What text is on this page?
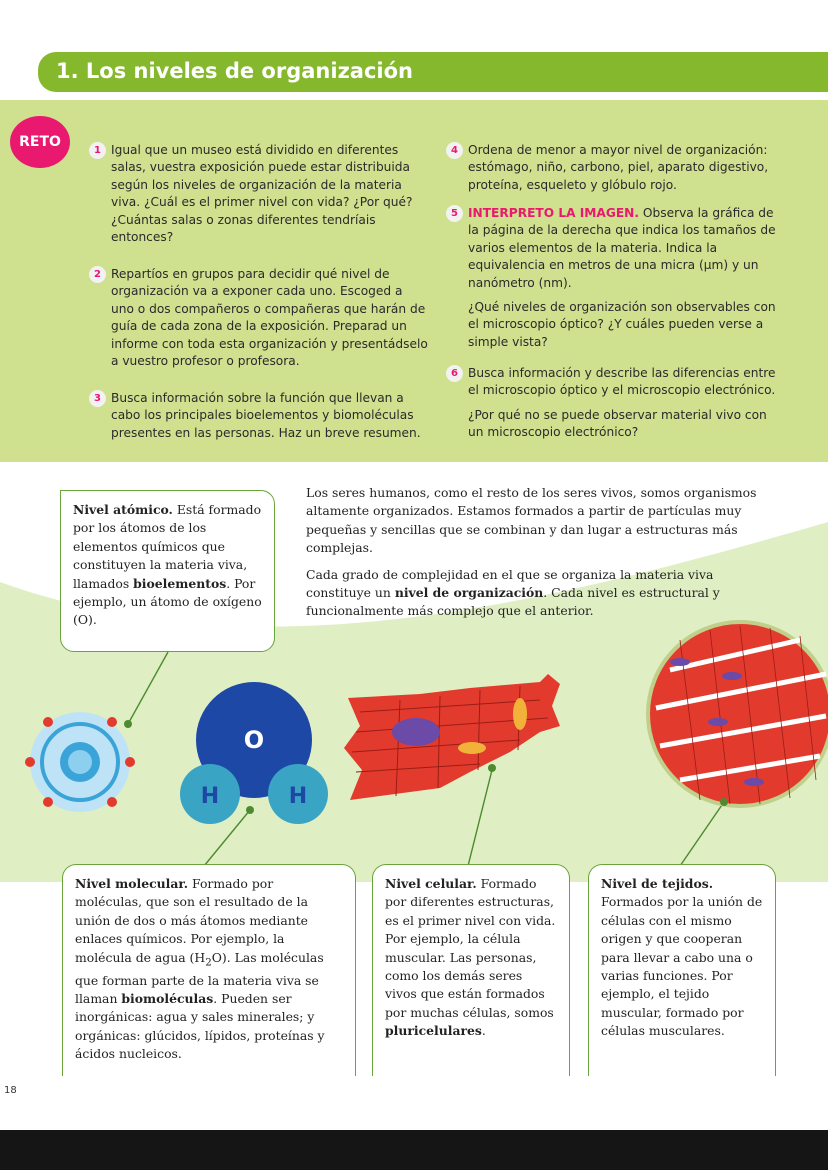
1. Los niveles de organización
RETO
1 Igual que un museo está dividido en diferentes salas, vuestra exposición puede estar distribuida según los niveles de organización de la materia viva. ¿Cuál es el primer nivel con vida? ¿Por qué? ¿Cuántas salas o zonas diferentes tendríais entonces?

2 Repartíos en grupos para decidir qué nivel de organización va a exponer cada uno. Escoged a uno o dos compañeros o compañeras que harán de guía de cada zona de la exposición. Preparad un informe con toda esta organización y presentádselo a vuestro profesor o profesora.

3 Busca información sobre la función que llevan a cabo los principales bioelementos y biomoléculas presentes en las personas. Haz un breve resumen.

4 Ordena de menor a mayor nivel de organización: estómago, niño, carbono, piel, aparato digestivo, proteína, esqueleto y glóbulo rojo.

5 INTERPRETO LA IMAGEN. Observa la gráfica de la página de la derecha que indica los tamaños de varios elementos de la materia. Indica la equivalencia en metros de una micra (µm) y un nanómetro (nm).

¿Qué niveles de organización son observables con el microscopio óptico? ¿Y cuáles pueden verse a simple vista?

6 Busca información y describe las diferencias entre el microscopio óptico y el microscopio electrónico.

¿Por qué no se puede observar material vivo con un microscopio electrónico?

Los seres humanos, como el resto de los seres vivos, somos organismos altamente organizados. Estamos formados a partir de partículas muy pequeñas y sencillas que se combinan y dan lugar a estructuras más complejas.

Cada grado de complejidad en el que se organiza la materia viva constituye un nivel de organización. Cada nivel es estructural y funcionalmente más complejo que el anterior.

O
H	H
Nivel atómico. Está formado por los átomos de los elementos químicos que constituyen la materia viva, llamados bioelementos. Por ejemplo, un átomo de oxígeno (O).
Nivel molecular. Formado por moléculas, que son el resultado de la unión de dos o más átomos mediante enlaces químicos. Por ejemplo, la molécula de agua $(H_2O)$. Las moléculas que forman parte de la materia viva se llaman biomoléculas. Pueden ser inorgánicas: agua y sales minerales; y orgánicas: glúcidos, lípidos, proteínas y ácidos nucleicos.
Nivel celular. Formado por diferentes estructuras, es el primer nivel con vida. Por ejemplo, la célula muscular. Las personas, como los demás seres vivos que están formados por muchas células, somos pluricelulares.
Nivel de tejidos. Formados por la unión de células con el mismo origen y que cooperan para llevar a cabo una o varias funciones. Por ejemplo, el tejido muscular, formado por células musculares.
18
